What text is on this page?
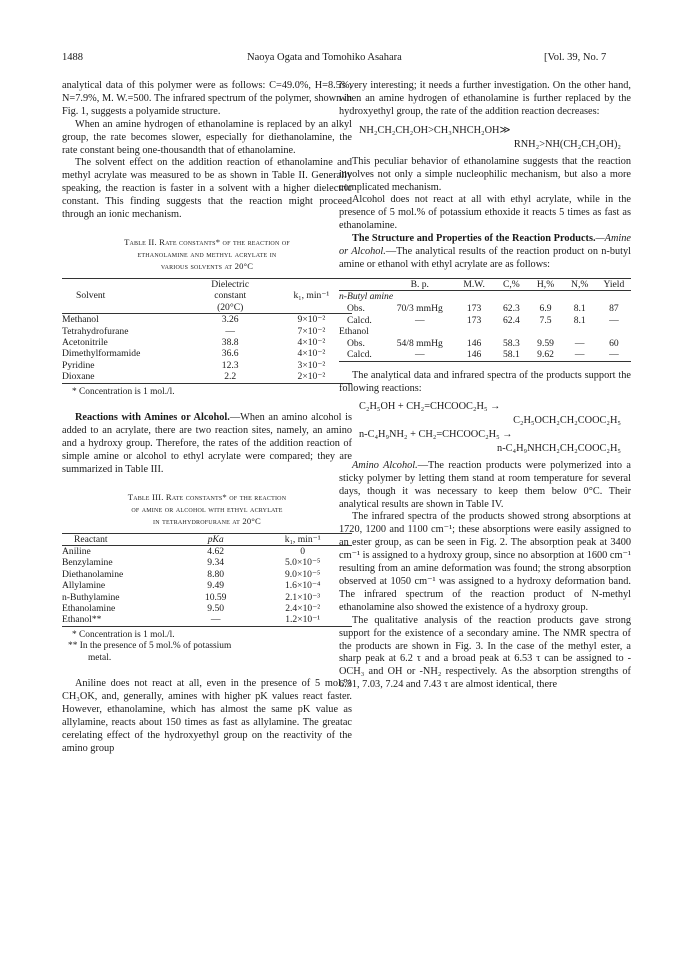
1488	Naoya Ogata and Tomohiko Asahara	[Vol. 39, No. 7

analytical data of this polymer were as follows: C=49.0%, H=8.5%, N=7.9%, M. W.=500. The infrared spectrum of the polymer, shown in Fig. 1, suggests a polyamide structure.

When an amine hydrogen of ethanolamine is replaced by an alkyl group, the rate becomes slower, especially for diethanolamine, the rate constant being one-thousandth that of ethanolamine.

The solvent effect on the addition reaction of ethanolamine and methyl acrylate was measured to be as shown in Table II. Generally speaking, the reaction is faster in a solvent with a higher dielectric constant. This finding suggests that the reaction might proceed through an ionic mechanism.

Table II. Rate constants* of the reaction of
ethanolamine and methyl acrylate in
various solvents at 20°C
	Dielectric	
Solvent	constant	k₁, min⁻¹
	(20°C)	
Methanol	3.26	9×10⁻²
Tetrahydrofurane	—	7×10⁻²
Acetonitrile	38.8	4×10⁻²
Dimethylformamide	36.6	4×10⁻²
Pyridine	12.3	3×10⁻²
Dioxane	2.2	2×10⁻²
* Concentration is 1 mol./l.

Reactions with Amines or Alcohol.—When an amino alcohol is added to an acrylate, there are two reaction sites, namely, an amino and a hydroxy group. Therefore, the rates of the addition reaction of simple amine or alcohol to ethyl acrylate were compared; they are summarized in Table III.

Table III. Rate constants* of the reaction
of amine or alcohol with ethyl acrylate
in tetrahydrofurane at 20°C
Reactant	pKa	k₁, min⁻¹
Aniline	4.62	0
Benzylamine	9.34	5.0×10⁻⁵
Diethanolamine	8.80	9.0×10⁻⁵
Allylamine	9.49	1.6×10⁻⁴
n-Buthylamine	10.59	2.1×10⁻³
Ethanolamine	9.50	2.4×10⁻²
Ethanol**	—	1.2×10⁻¹
* Concentration is 1 mol./l.
** In the presence of 5 mol.% of potassium
metal.

Aniline does not react at all, even in the presence of 5 mol.% CH₃OK, and, generally, amines with higher pK values react faster. However, ethanolamine, which has almost the same pK value as allylamine, reacts about 150 times as fast as allylamine. The greatac cerelating effect of the hydroxyethyl group on the reactivity of the amino group

is very interesting; it needs a further investigation. On the other hand, when an amine hydrogen of ethanolamine is further replaced by the hydroxyethyl group, the rate of the addition reaction decreases:

NH₂CH₂CH₂OH>CH₃NHCH₂OH≫
RNH₂>NH(CH₂CH₂OH)₂

This peculiar behavior of ethanolamine suggests that the reaction involves not only a simple nucleophilic mechanism, but also a more complicated mechanism.

Alcohol does not react at all with ethyl acrylate, while in the presence of 5 mol.% of potassium ethoxide it reacts 5 times as fast as ethanolamine.

The Structure and Properties of the Reaction Products.—Amine or Alcohol.—The analytical results of the reaction product on n-butyl amine or ethanol with ethyl acrylate are as follows:

	B. p.	M.W.	C,%	H,%	N,%	Yield
n-Butyl amine						
Obs.	70/3 mmHg	173	62.3	6.9	8.1	87
Calcd.	—	173	62.4	7.5	8.1	—
Ethanol						
Obs.	54/8 mmHg	146	58.3	9.59	—	60
Calcd.	—	146	58.1	9.62	—	—

The analytical data and infrared spectra of the products support the following reactions:

C₂H₅OH + CH₂=CHCOOC₂H₅ →
C₂H₅OCH₂CH₂COOC₂H₅
n-C₄H₉NH₂ + CH₂=CHCOOC₂H₅ →
n-C₄H₉NHCH₂CH₂COOC₂H₅

Amino Alcohol.—The reaction products were polymerized into a sticky polymer by letting them stand at room temperature for several days, though it was necessary to keep them below 0°C. Their analytical results are shown in Table IV.

The infrared spectra of the products showed strong absorptions at 1720, 1200 and 1100 cm⁻¹; these absorptions were easily assigned to an ester group, as can be seen in Fig. 2. The absorption peak at 3400 cm⁻¹ is assigned to a hydroxy group, since no absorption at 1600 cm⁻¹ resulting from an amine deformation was found; the strong absorption observed at 1050 cm⁻¹ was assigned to a hydroxy deformation band. The infrared spectrum of the reaction product of N-methyl ethanolamine also showed the existence of a hydroxy group.

The qualitative analysis of the reaction products gave strong support for the existence of a secondary amine. The NMR spectra of the products are shown in Fig. 3. In the case of the methyl ester, a sharp peak at 6.2 τ and a broad peak at 6.53 τ can be assigned to -OCH₃ and OH or -NH₂ respectively. As the absorption strengths of 6.31, 7.03, 7.24 and 7.43 τ are almost identical, there
